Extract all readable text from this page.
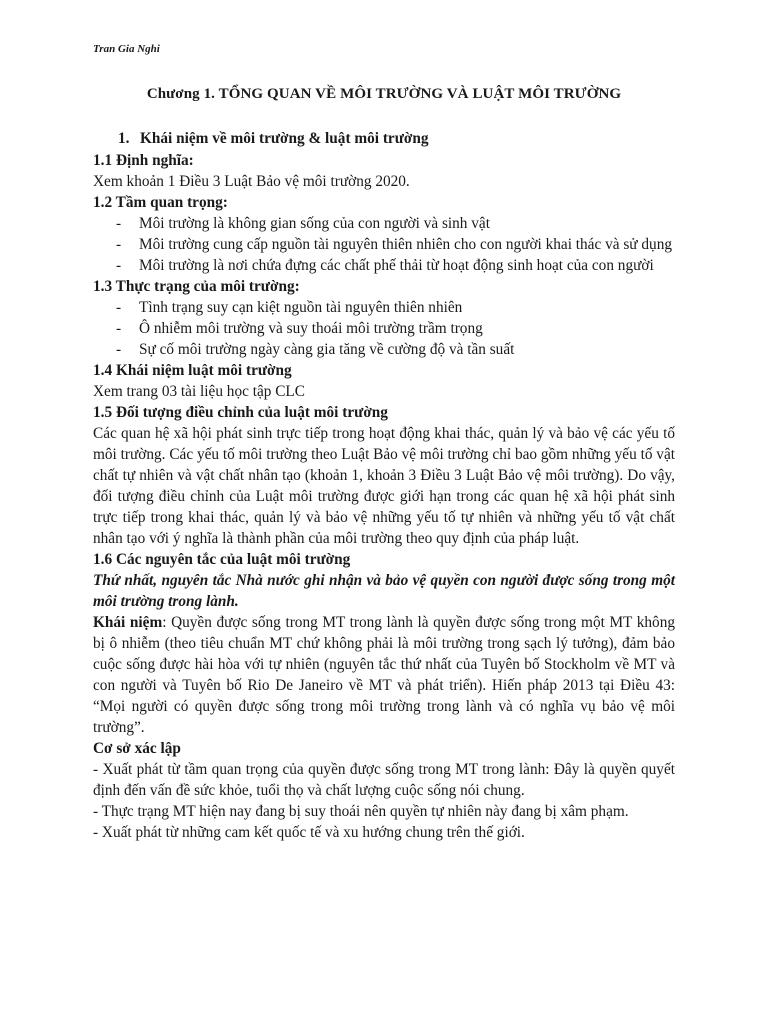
Tran Gia Nghi
Chương 1. TỔNG QUAN VỀ MÔI TRƯỜNG VÀ LUẬT MÔI TRƯỜNG
1. Khái niệm về môi trường & luật môi trường
1.1 Định nghĩa:
Xem khoản 1 Điều 3 Luật Bảo vệ môi trường 2020.
1.2 Tầm quan trọng:
- Môi trường là không gian sống của con người và sinh vật
- Môi trường cung cấp nguồn tài nguyên thiên nhiên cho con người khai thác và sử dụng
- Môi trường là nơi chứa đựng các chất phế thải từ hoạt động sinh hoạt của con người
1.3 Thực trạng của môi trường:
- Tình trạng suy cạn kiệt nguồn tài nguyên thiên nhiên
- Ô nhiễm môi trường và suy thoái môi trường trầm trọng
- Sự cố môi trường ngày càng gia tăng về cường độ và tần suất
1.4 Khái niệm luật môi trường
Xem trang 03 tài liệu học tập CLC
1.5 Đối tượng điều chỉnh của luật môi trường
Các quan hệ xã hội phát sinh trực tiếp trong hoạt động khai thác, quản lý và bảo vệ các yếu tố môi trường. Các yếu tố môi trường theo Luật Bảo vệ môi trường chỉ bao gồm những yếu tố vật chất tự nhiên và vật chất nhân tạo (khoản 1, khoản 3 Điều 3 Luật Bảo vệ môi trường). Do vậy, đối tượng điều chỉnh của Luật môi trường được giới hạn trong các quan hệ xã hội phát sinh trực tiếp trong khai thác, quản lý và bảo vệ những yếu tố tự nhiên và những yếu tố vật chất nhân tạo với ý nghĩa là thành phần của môi trường theo quy định của pháp luật.
1.6 Các nguyên tắc của luật môi trường
Thứ nhất, nguyên tắc Nhà nước ghi nhận và bảo vệ quyền con người được sống trong một môi trường trong lành.
Khái niệm: Quyền được sống trong MT trong lành là quyền được sống trong một MT không bị ô nhiễm (theo tiêu chuẩn MT chứ không phải là môi trường trong sạch lý tưởng), đảm bảo cuộc sống được hài hòa với tự nhiên (nguyên tắc thứ nhất của Tuyên bố Stockholm về MT và con người và Tuyên bố Rio De Janeiro về MT và phát triển). Hiến pháp 2013 tại Điều 43: “Mọi người có quyền được sống trong môi trường trong lành và có nghĩa vụ bảo vệ môi trường”.
Cơ sở xác lập
- Xuất phát từ tầm quan trọng của quyền được sống trong MT trong lành: Đây là quyền quyết định đến vấn đề sức khỏe, tuổi thọ và chất lượng cuộc sống nói chung.
- Thực trạng MT hiện nay đang bị suy thoái nên quyền tự nhiên này đang bị xâm phạm.
- Xuất phát từ những cam kết quốc tế và xu hướng chung trên thế giới.
